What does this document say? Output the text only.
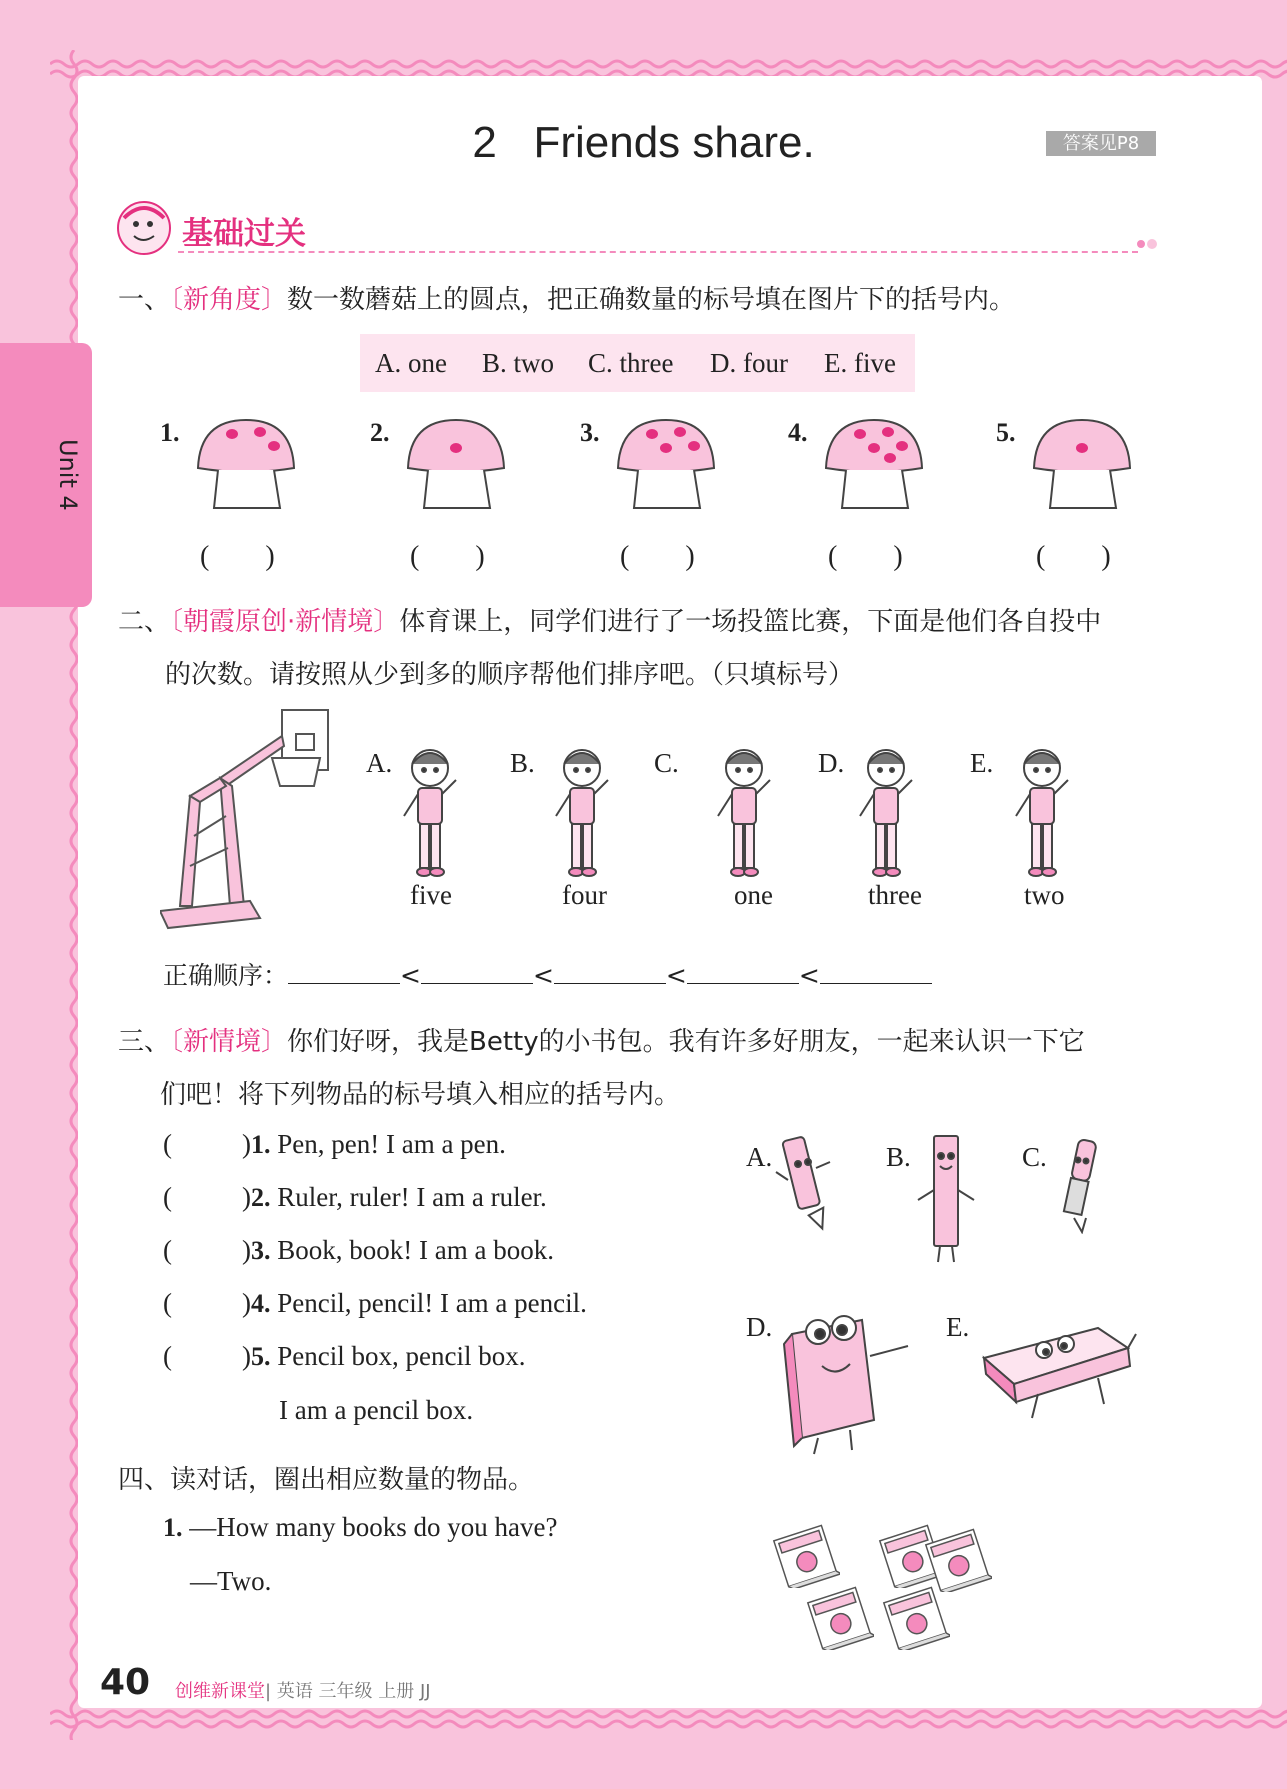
Unit 4
2   Friends share.	答案见P8
基础过关
一、〔新角度〕数一数蘑菇上的圆点，把正确数量的标号填在图片下的括号内。
A. one B. two C. three D. four E. five
1.
(　　)
2.
(　　)
3.
(　　)
4.
(　　)
5.
(　　)
二、〔朝霞原创·新情境〕体育课上，同学们进行了一场投篮比赛，下面是他们各自投中
的次数。请按照从少到多的顺序帮他们排序吧。（只填标号）
A.
five
B.
four
C.
one
D.
three
E.
two
正确顺序：	<	<	<	<
三、〔新情境〕你们好呀，我是Betty的小书包。我有许多好朋友，一起来认识一下它
们吧！将下列物品的标号填入相应的括号内。
(	)1. Pen, pen! I am a pen.
(	)2. Ruler, ruler! I am a ruler.
(	)3. Book, book! I am a book.
(	)4. Pencil, pencil! I am a pencil.
(	)5. Pencil box, pencil box.
I am a pencil box.
A.	B.	C.
D.	E.
四、读对话，圈出相应数量的物品。
1. —How many books do you have?
—Two.
40 创维新课堂| 英语 三年级 上册 JJ
